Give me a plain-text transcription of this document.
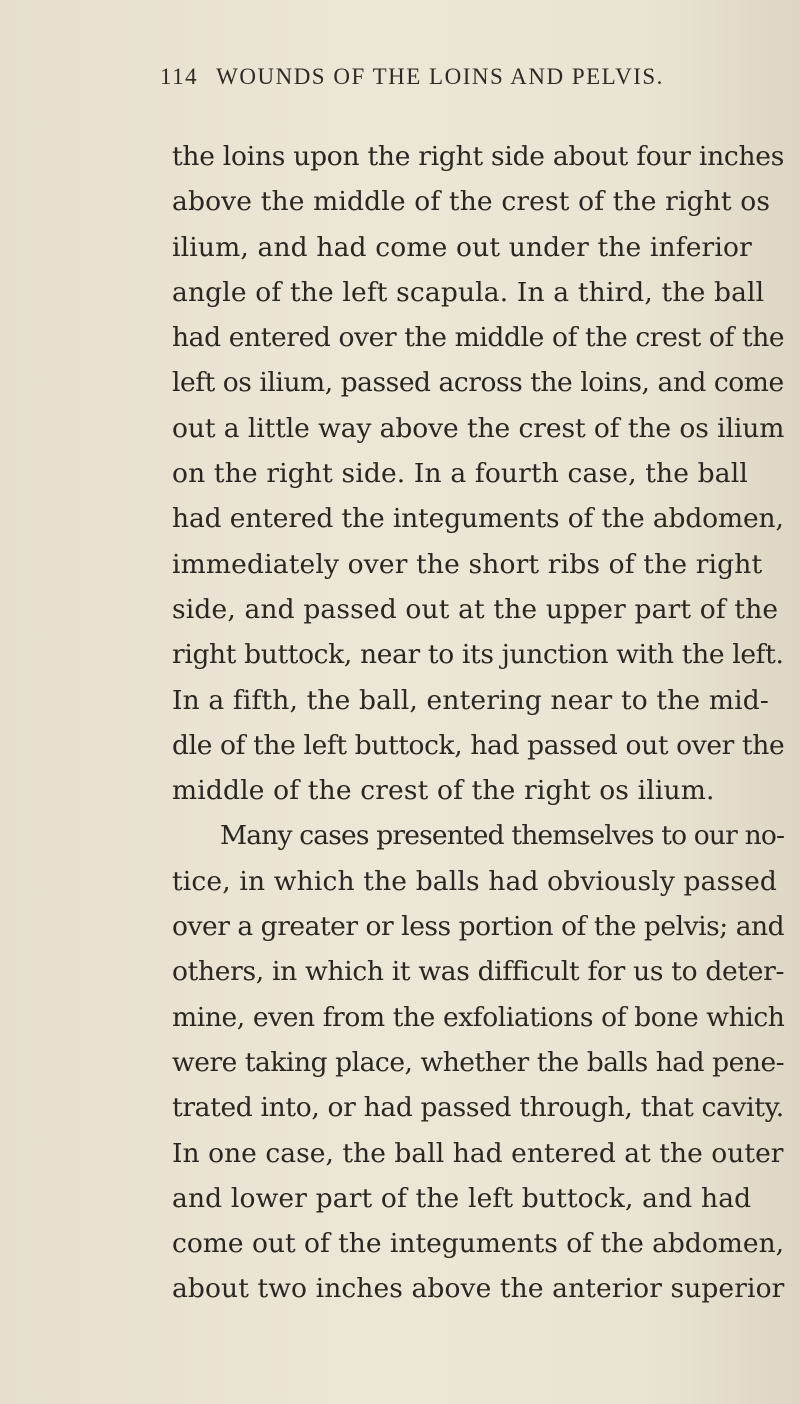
114 WOUNDS OF THE LOINS AND PELVIS.
the loins upon the right side about four inches
above the middle of the crest of the right os
ilium, and had come out under the inferior
angle of the left scapula. In a third, the ball
had entered over the middle of the crest of the
left os ilium, passed across the loins, and come
out a little way above the crest of the os ilium
on the right side. In a fourth case, the ball
had entered the integuments of the abdomen,
immediately over the short ribs of the right
side, and passed out at the upper part of the
right buttock, near to its junction with the left.
In a fifth, the ball, entering near to the mid-
dle of the left buttock, had passed out over the
middle of the crest of the right os ilium.
Many cases presented themselves to our no-
tice, in which the balls had obviously passed
over a greater or less portion of the pelvis; and
others, in which it was difficult for us to deter-
mine, even from the exfoliations of bone which
were taking place, whether the balls had pene-
trated into, or had passed through, that cavity.
In one case, the ball had entered at the outer
and lower part of the left buttock, and had
come out of the integuments of the abdomen,
about two inches above the anterior superior
